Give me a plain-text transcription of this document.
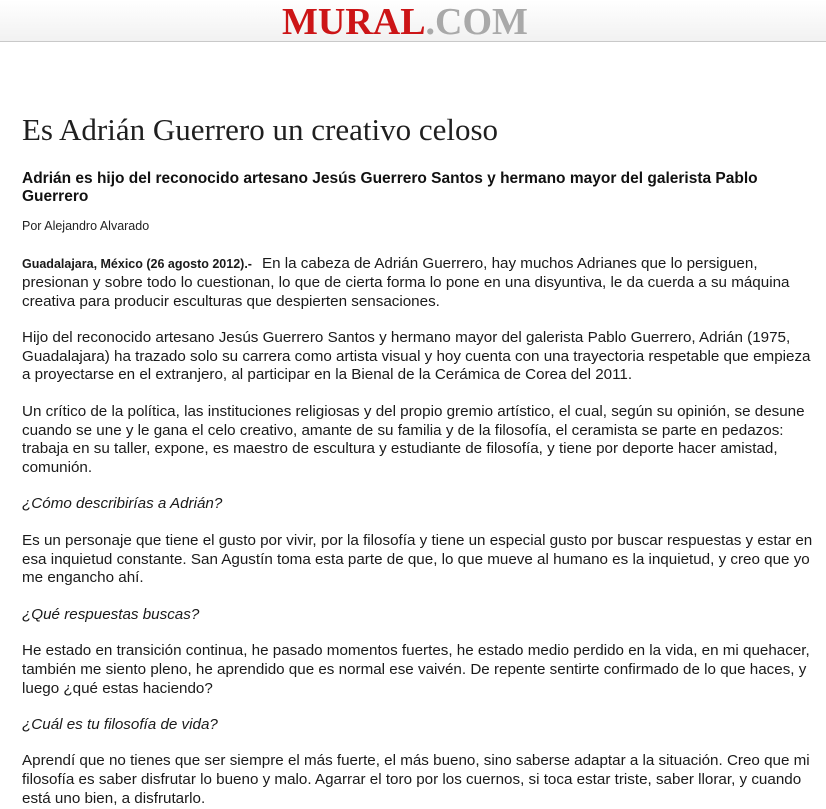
MURAL.COM
Es Adrián Guerrero un creativo celoso
Adrián es hijo del reconocido artesano Jesús Guerrero Santos y hermano mayor del galerista Pablo Guerrero
Por Alejandro Alvarado

Guadalajara, México (26 agosto 2012).- En la cabeza de Adrián Guerrero, hay muchos Adrianes que lo persiguen, presionan y sobre todo lo cuestionan, lo que de cierta forma lo pone en una disyuntiva, le da cuerda a su máquina creativa para producir esculturas que despierten sensaciones.

Hijo del reconocido artesano Jesús Guerrero Santos y hermano mayor del galerista Pablo Guerrero, Adrián (1975, Guadalajara) ha trazado solo su carrera como artista visual y hoy cuenta con una trayectoria respetable que empieza a proyectarse en el extranjero, al participar en la Bienal de la Cerámica de Corea del 2011.

Un crítico de la política, las instituciones religiosas y del propio gremio artístico, el cual, según su opinión, se desune cuando se une y le gana el celo creativo, amante de su familia y de la filosofía, el ceramista se parte en pedazos: trabaja en su taller, expone, es maestro de escultura y estudiante de filosofía, y tiene por deporte hacer amistad, comunión.

¿Cómo describirías a Adrián?

Es un personaje que tiene el gusto por vivir, por la filosofía y tiene un especial gusto por buscar respuestas y estar en esa inquietud constante. San Agustín toma esta parte de que, lo que mueve al humano es la inquietud, y creo que yo me engancho ahí.

¿Qué respuestas buscas?

He estado en transición continua, he pasado momentos fuertes, he estado medio perdido en la vida, en mi quehacer, también me siento pleno, he aprendido que es normal ese vaivén. De repente sentirte confirmado de lo que haces, y luego ¿qué estas haciendo?

¿Cuál es tu filosofía de vida?

Aprendí que no tienes que ser siempre el más fuerte, el más bueno, sino saberse adaptar a la situación. Creo que mi filosofía es saber disfrutar lo bueno y malo. Agarrar el toro por los cuernos, si toca estar triste, saber llorar, y cuando está uno bien, a disfrutarlo.
